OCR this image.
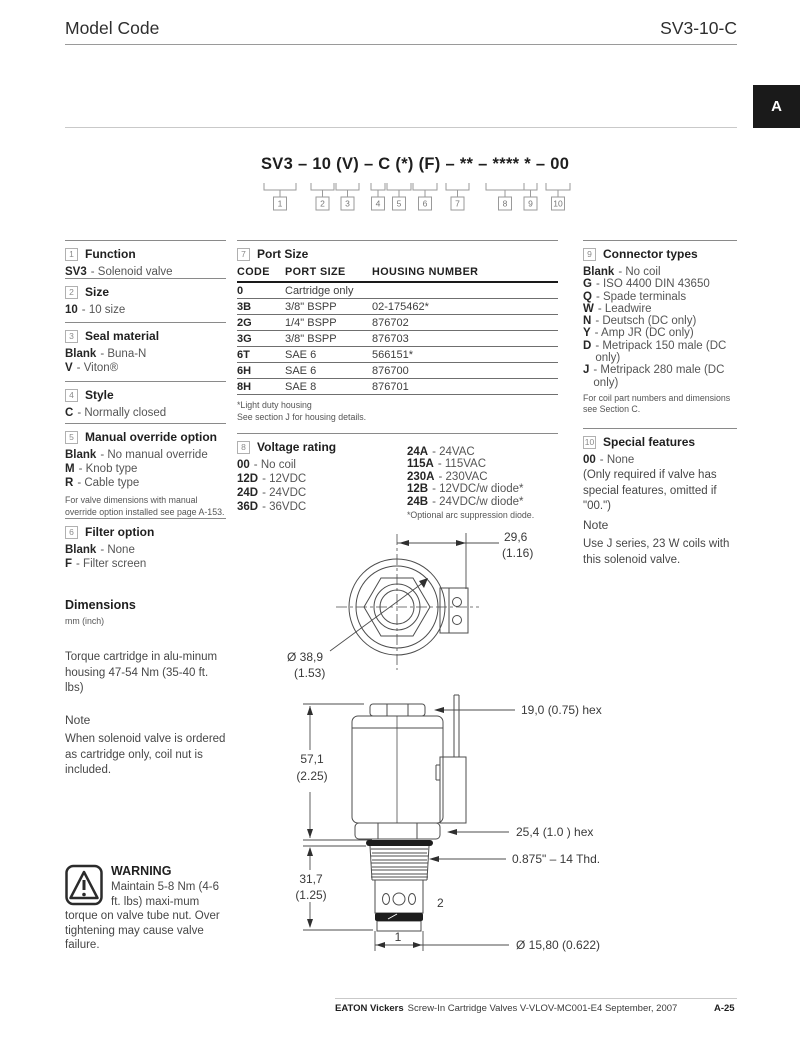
Model Code	SV3-10-C
A
SV3 – 10 (V) – C (*) (F) – ** – **** * – 00
1	2 3	4 5	6	7	8 9 10
1 Function
SV3 - Solenoid valve
2 Size
10 - 10 size
3 Seal material
Blank - Buna-N
V - Viton®
4 Style
C - Normally closed
5 Manual override option
Blank - No manual override
M - Knob type
R - Cable type
For valve dimensions with manual override option installed see page A-153.
6 Filter option
Blank - None
F - Filter screen
Dimensions
mm (inch)
Torque cartridge in alu-minum housing 47-54 Nm (35-40 ft. lbs)
Note
When solenoid valve is ordered as cartridge only, coil nut is included.
WARNING
Maintain 5-8 Nm (4-6 ft. lbs) maxi-mum torque on valve tube nut. Over tightening may cause valve failure.
7 Port Size
CODE	PORT SIZE	HOUSING NUMBER
0	Cartridge only
3B	3/8" BSPP	02-175462*
2G	1/4" BSPP	876702
3G	3/8" BSPP	876703
6T	SAE 6	566151*
6H	SAE 6	876700
8H	SAE 8	876701
*Light duty housing
See section J for housing details.
8 Voltage rating
00 - No coil
12D - 12VDC
24D - 24VDC
36D - 36VDC
24A - 24VAC
115A - 115VAC
230A - 230VAC
12B - 12VDC/w diode*
24B - 24VDC/w diode*
*Optional arc suppression diode.
9 Connector types
Blank - No coil
G - ISO 4400 DIN 43650
Q - Spade terminals
W - Leadwire
N - Deutsch (DC only)
Y - Amp JR (DC only)
D - Metripack 150 male (DC only)
J - Metripack 280 male (DC only)
For coil part numbers and dimensions see Section C.
10 Special features
00 - None
(Only required if valve has special features, omitted if "00.")
Note
Use J series, 23 W coils with this solenoid valve.
29,6
(1.16)
Ø 38,9
(1.53)
19,0 (0.75) hex
57,1
(2.25)
25,4 (1.0 ) hex
0.875" – 14 Thd.
31,7
(1.25)
2
1
Ø 15,80 (0.622)
EATON Vickers Screw-In Cartridge Valves V-VLOV-MC001-E4 September, 2007	A-25
